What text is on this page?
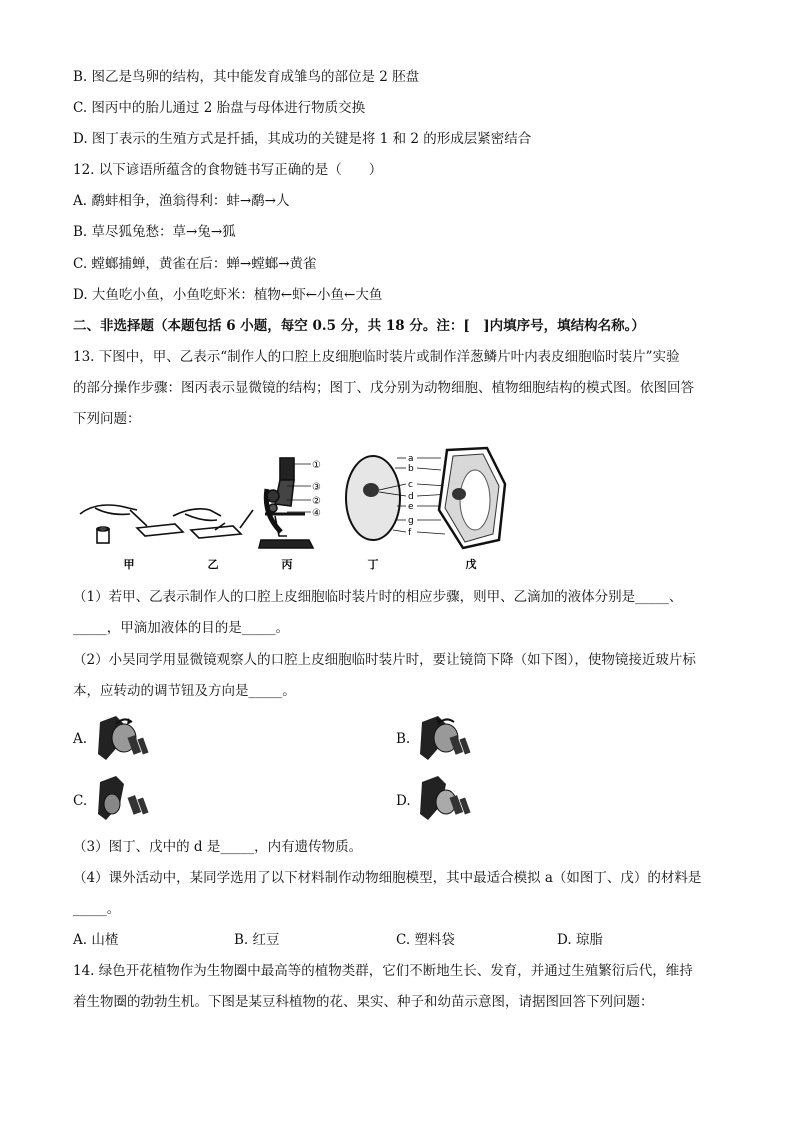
B. 图乙是鸟卵的结构，其中能发育成雏鸟的部位是 2 胚盘
C. 图丙中的胎儿通过 2 胎盘与母体进行物质交换
D. 图丁表示的生殖方式是扦插，其成功的关键是将 1 和 2 的形成层紧密结合
12. 以下谚语所蕴含的食物链书写正确的是（　　）
A. 鹬蚌相争，渔翁得利：蚌→鹬→人
B. 草尽狐兔愁：草→兔→狐
C. 螳螂捕蝉，黄雀在后：蝉→螳螂→黄雀
D. 大鱼吃小鱼，小鱼吃虾米：植物←虾←小鱼←大鱼
二、非选择题（本题包括 6 小题，每空 0.5 分，共 18 分。注：[　]内填序号，填结构名称。）
13. 下图中，甲、乙表示“制作人的口腔上皮细胞临时装片或制作洋葱鳞片叶内表皮细胞临时装片”实验
的部分操作步骤：图丙表示显微镜的结构；图丁、戊分别为动物细胞、植物细胞结构的模式图。依图回答
下列问题：
①
③
②
④
a
b
c
d
e
g
f
甲	乙	丙	丁	戊
（1）若甲、乙表示制作人的口腔上皮细胞临时装片时的相应步骤，则甲、乙滴加的液体分别是_____、
_____，甲滴加液体的目的是_____。
（2）小吴同学用显微镜观察人的口腔上皮细胞临时装片时，要让镜筒下降（如下图），使物镜接近玻片标
本，应转动的调节钮及方向是_____。
A.	B.
C.	D.
（3）图丁、戊中的 d 是_____，内有遗传物质。
（4）课外活动中，某同学选用了以下材料制作动物细胞模型，其中最适合模拟 a（如图丁、戊）的材料是
_____。
A. 山楂	B. 红豆	C. 塑料袋	D. 琼脂
14. 绿色开花植物作为生物圈中最高等的植物类群，它们不断地生长、发育，并通过生殖繁衍后代，维持
着生物圈的勃勃生机。下图是某豆科植物的花、果实、种子和幼苗示意图，请据图回答下列问题：
